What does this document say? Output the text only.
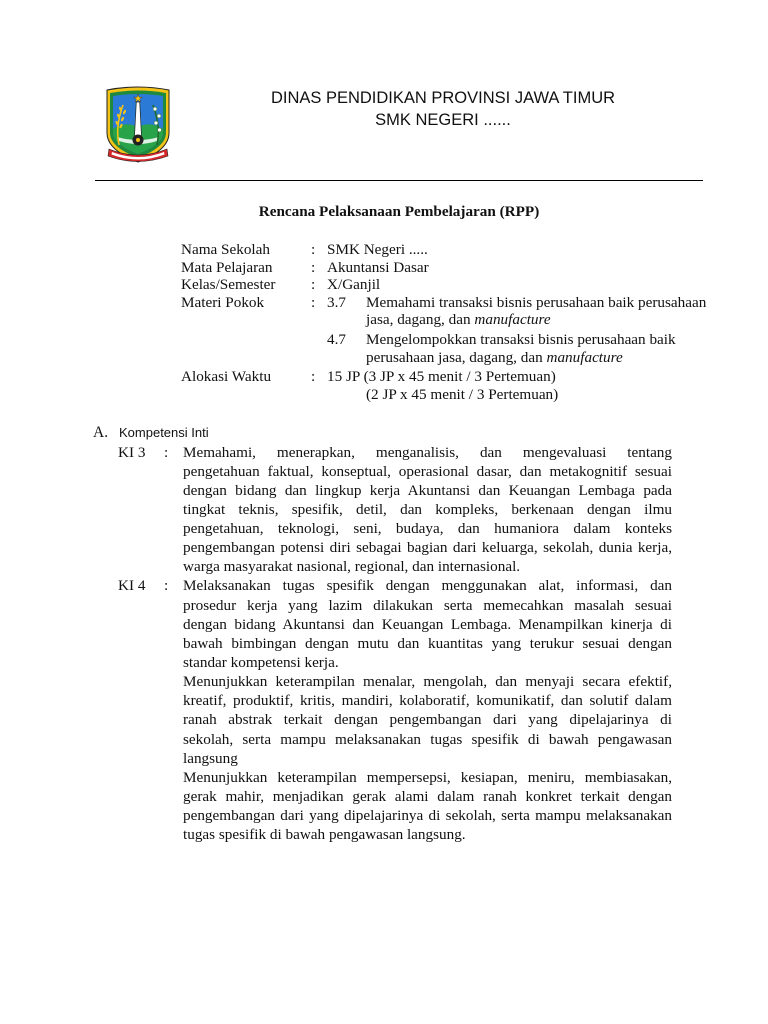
DINAS PENDIDIKAN PROVINSI JAWA TIMUR
SMK NEGERI ......
Rencana Pelaksanaan Pembelajaran (RPP)
Nama Sekolah	: SMK Negeri .....
Mata Pelajaran	: Akuntansi Dasar
Kelas/Semester : X/Ganjil
Materi Pokok	: 3.7 Memahami transaksi bisnis perusahaan baik perusahaan
jasa, dagang, dan manufacture
4.7 Mengelompokkan transaksi bisnis perusahaan baik
perusahaan jasa, dagang, dan manufacture
Alokasi Waktu	: 15 JP (3 JP x 45 menit / 3 Pertemuan)
(2 JP x 45 menit / 3 Pertemuan)
A. Kompetensi Inti
KI 3 : Memahami, menerapkan, menganalisis, dan mengevaluasi tentang
pengetahuan faktual, konseptual, operasional dasar, dan metakognitif sesuai
dengan bidang dan lingkup kerja Akuntansi dan Keuangan Lembaga pada
tingkat teknis, spesifik, detil, dan kompleks, berkenaan dengan ilmu
pengetahuan, teknologi, seni, budaya, dan humaniora dalam konteks
pengembangan potensi diri sebagai bagian dari keluarga, sekolah, dunia kerja,
warga masyarakat nasional, regional, dan internasional.
KI 4 : Melaksanakan tugas spesifik dengan menggunakan alat, informasi, dan
prosedur kerja yang lazim dilakukan serta memecahkan masalah sesuai
dengan bidang Akuntansi dan Keuangan Lembaga. Menampilkan kinerja di
bawah bimbingan dengan mutu dan kuantitas yang terukur sesuai dengan
standar kompetensi kerja.
Menunjukkan keterampilan menalar, mengolah, dan menyaji secara efektif,
kreatif, produktif, kritis, mandiri, kolaboratif, komunikatif, dan solutif dalam
ranah abstrak terkait dengan pengembangan dari yang dipelajarinya di
sekolah, serta mampu melaksanakan tugas spesifik di bawah pengawasan
langsung
Menunjukkan keterampilan mempersepsi, kesiapan, meniru, membiasakan,
gerak mahir, menjadikan gerak alami dalam ranah konkret terkait dengan
pengembangan dari yang dipelajarinya di sekolah, serta mampu melaksanakan
tugas spesifik di bawah pengawasan langsung.
